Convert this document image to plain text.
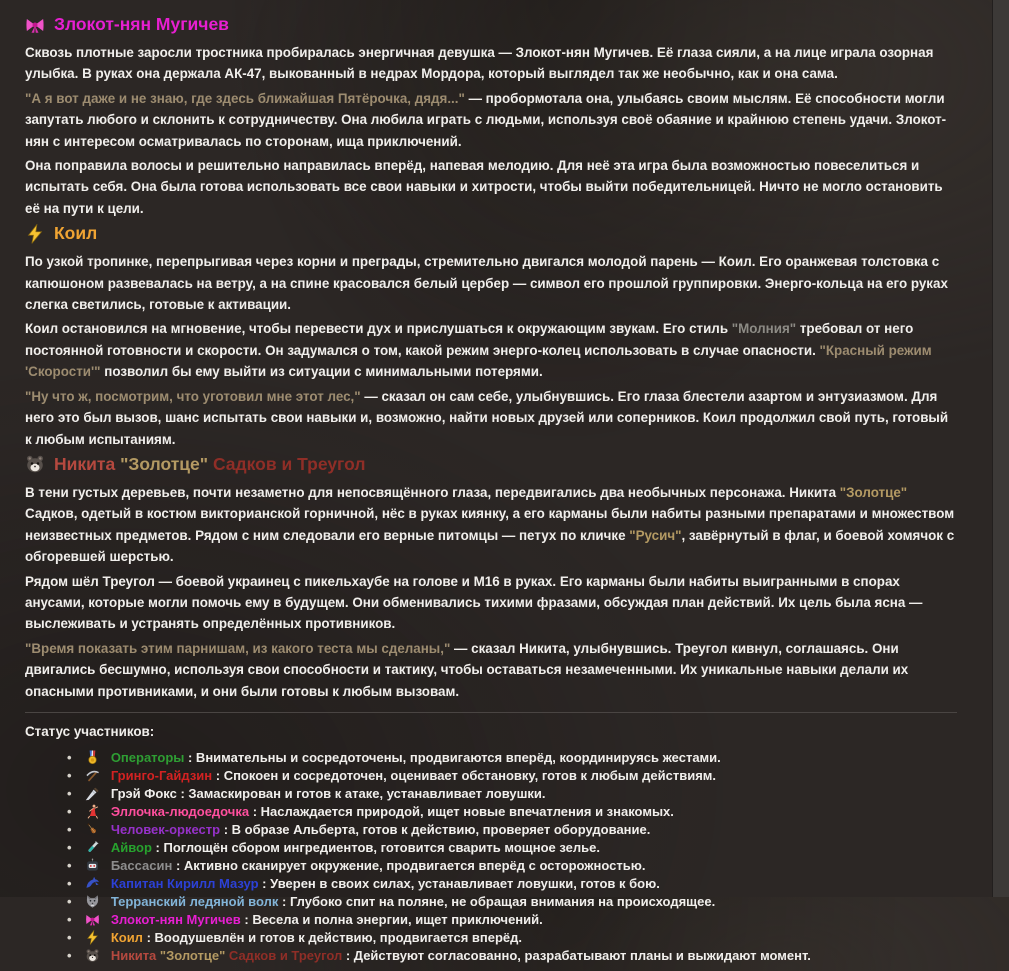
Злокот-нян Мугичев

Сквозь плотные заросли тростника пробиралась энергичная девушка — Злокот-нян Мугичев. Её глаза сияли, а на лице играла озорная улыбка. В руках она держала АК-47, выкованный в недрах Мордора, который выглядел так же необычно, как и она сама.

"А я вот даже и не знаю, где здесь ближайшая Пятёрочка, дядя..." — пробормотала она, улыбаясь своим мыслям. Её способности могли запутать любого и склонить к сотрудничеству. Она любила играть с людьми, используя своё обаяние и крайнюю степень удачи. Злокот-нян с интересом осматривалась по сторонам, ища приключений.

Она поправила волосы и решительно направилась вперёд, напевая мелодию. Для неё эта игра была возможностью повеселиться и испытать себя. Она была готова использовать все свои навыки и хитрости, чтобы выйти победительницей. Ничто не могло остановить её на пути к цели.

Коил

По узкой тропинке, перепрыгивая через корни и преграды, стремительно двигался молодой парень — Коил. Его оранжевая толстовка с капюшоном развевалась на ветру, а на спине красовался белый цербер — символ его прошлой группировки. Энерго-кольца на его руках слегка светились, готовые к активации.

Коил остановился на мгновение, чтобы перевести дух и прислушаться к окружающим звукам. Его стиль "Молния" требовал от него постоянной готовности и скорости. Он задумался о том, какой режим энерго-колец использовать в случае опасности. "Красный режим 'Скорости'" позволил бы ему выйти из ситуации с минимальными потерями.

"Ну что ж, посмотрим, что уготовил мне этот лес," — сказал он сам себе, улыбнувшись. Его глаза блестели азартом и энтузиазмом. Для него это был вызов, шанс испытать свои навыки и, возможно, найти новых друзей или соперников. Коил продолжил свой путь, готовый к любым испытаниям.

Никита "Золотце" Садков и Треугол

В тени густых деревьев, почти незаметно для непосвящённого глаза, передвигались два необычных персонажа. Никита "Золотце" Садков, одетый в костюм викторианской горничной, нёс в руках киянку, а его карманы были набиты разными препаратами и множеством неизвестных предметов. Рядом с ним следовали его верные питомцы — петух по кличке "Русич", завёрнутый в флаг, и боевой хомячок с обгоревшей шерстью.

Рядом шёл Треугол — боевой украинец с пикельхаубе на голове и M16 в руках. Его карманы были набиты выигранными в спорах анусами, которые могли помочь ему в будущем. Они обменивались тихими фразами, обсуждая план действий. Их цель была ясна — выслеживать и устранять определённых противников.

"Время показать этим парнишам, из какого теста мы сделаны," — сказал Никита, улыбнувшись. Треугол кивнул, соглашаясь. Они двигались бесшумно, используя свои способности и тактику, чтобы оставаться незамеченными. Их уникальные навыки делали их опасными противниками, и они были готовы к любым вызовам.

Статус участников:

•	Операторы : Внимательны и сосредоточены, продвигаются вперёд, координируясь жестами.
•	Гринго-Гайдзин : Спокоен и сосредоточен, оценивает обстановку, готов к любым действиям.
•	Грэй Фокс : Замаскирован и готов к атаке, устанавливает ловушки.
•	Эллочка-людоедочка : Наслаждается природой, ищет новые впечатления и знакомых.
•	Человек-оркестр : В образе Альберта, готов к действию, проверяет оборудование.
•	Айвор : Поглощён сбором ингредиентов, готовится сварить мощное зелье.
•	Бассасин : Активно сканирует окружение, продвигается вперёд с осторожностью.
•	Капитан Кирилл Мазур : Уверен в своих силах, устанавливает ловушки, готов к бою.
•	Терранский ледяной волк : Глубоко спит на поляне, не обращая внимания на происходящее.
•	Злокот-нян Мугичев : Весела и полна энергии, ищет приключений.
•	Коил : Воодушевлён и готов к действию, продвигается вперёд.
•	Никита "Золотце" Садков и Треугол : Действуют согласованно, разрабатывают планы и выжидают момент.
